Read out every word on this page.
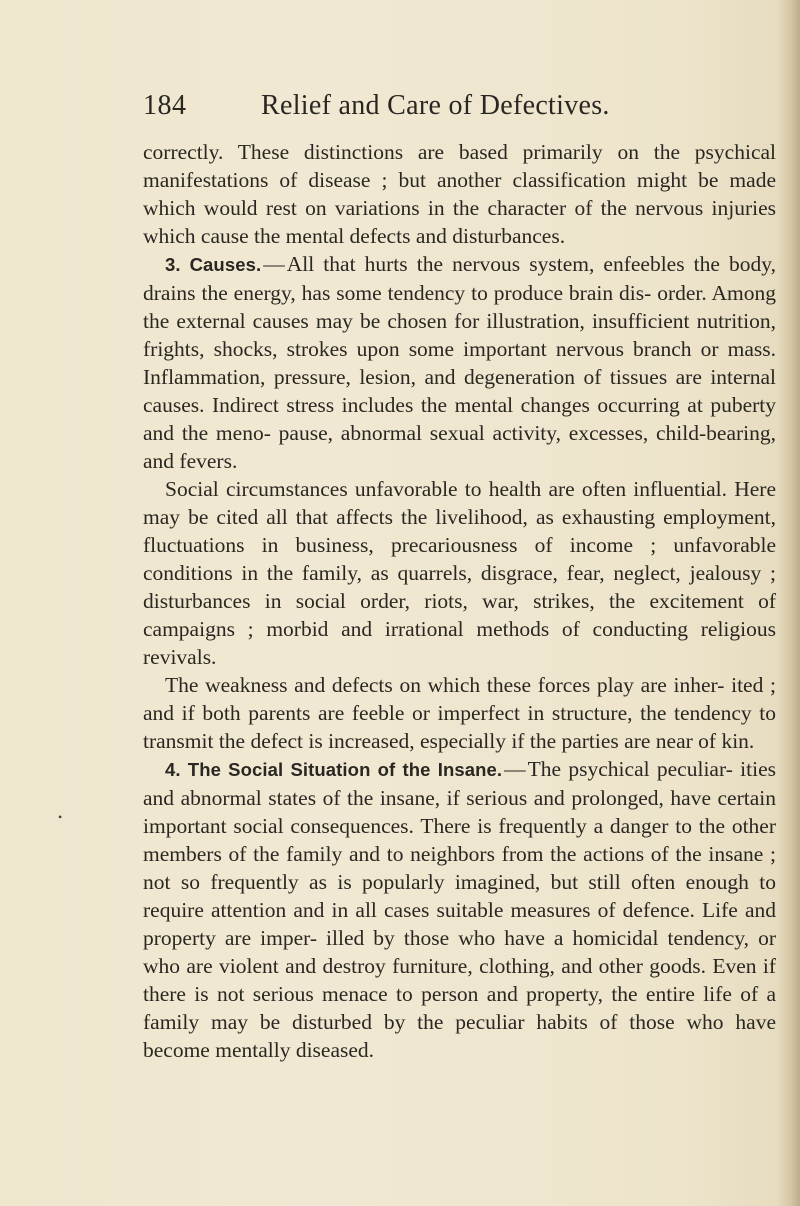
184	Relief and Care of Defectives.
•

correctly. These distinctions are based primarily on the psychical manifestations of disease ; but another classification might be made which would rest on variations in the character of the nervous injuries which cause the mental defects and disturbances.

3. Causes.—All that hurts the nervous system, enfeebles the body, drains the energy, has some tendency to produce brain dis- order. Among the external causes may be chosen for illustration, insufficient nutrition, frights, shocks, strokes upon some important nervous branch or mass. Inflammation, pressure, lesion, and degeneration of tissues are internal causes. Indirect stress includes the mental changes occurring at puberty and the meno- pause, abnormal sexual activity, excesses, child-bearing, and fevers.

Social circumstances unfavorable to health are often influential. Here may be cited all that affects the livelihood, as exhausting employment, fluctuations in business, precariousness of income ; unfavorable conditions in the family, as quarrels, disgrace, fear, neglect, jealousy ; disturbances in social order, riots, war, strikes, the excitement of campaigns ; morbid and irrational methods of conducting religious revivals.

The weakness and defects on which these forces play are inher- ited ; and if both parents are feeble or imperfect in structure, the tendency to transmit the defect is increased, especially if the parties are near of kin.

4. The Social Situation of the Insane.—The psychical peculiar- ities and abnormal states of the insane, if serious and prolonged, have certain important social consequences. There is frequently a danger to the other members of the family and to neighbors from the actions of the insane ; not so frequently as is popularly imagined, but still often enough to require attention and in all cases suitable measures of defence. Life and property are imper- illed by those who have a homicidal tendency, or who are violent and destroy furniture, clothing, and other goods. Even if there is not serious menace to person and property, the entire life of a family may be disturbed by the peculiar habits of those who have become mentally diseased.
